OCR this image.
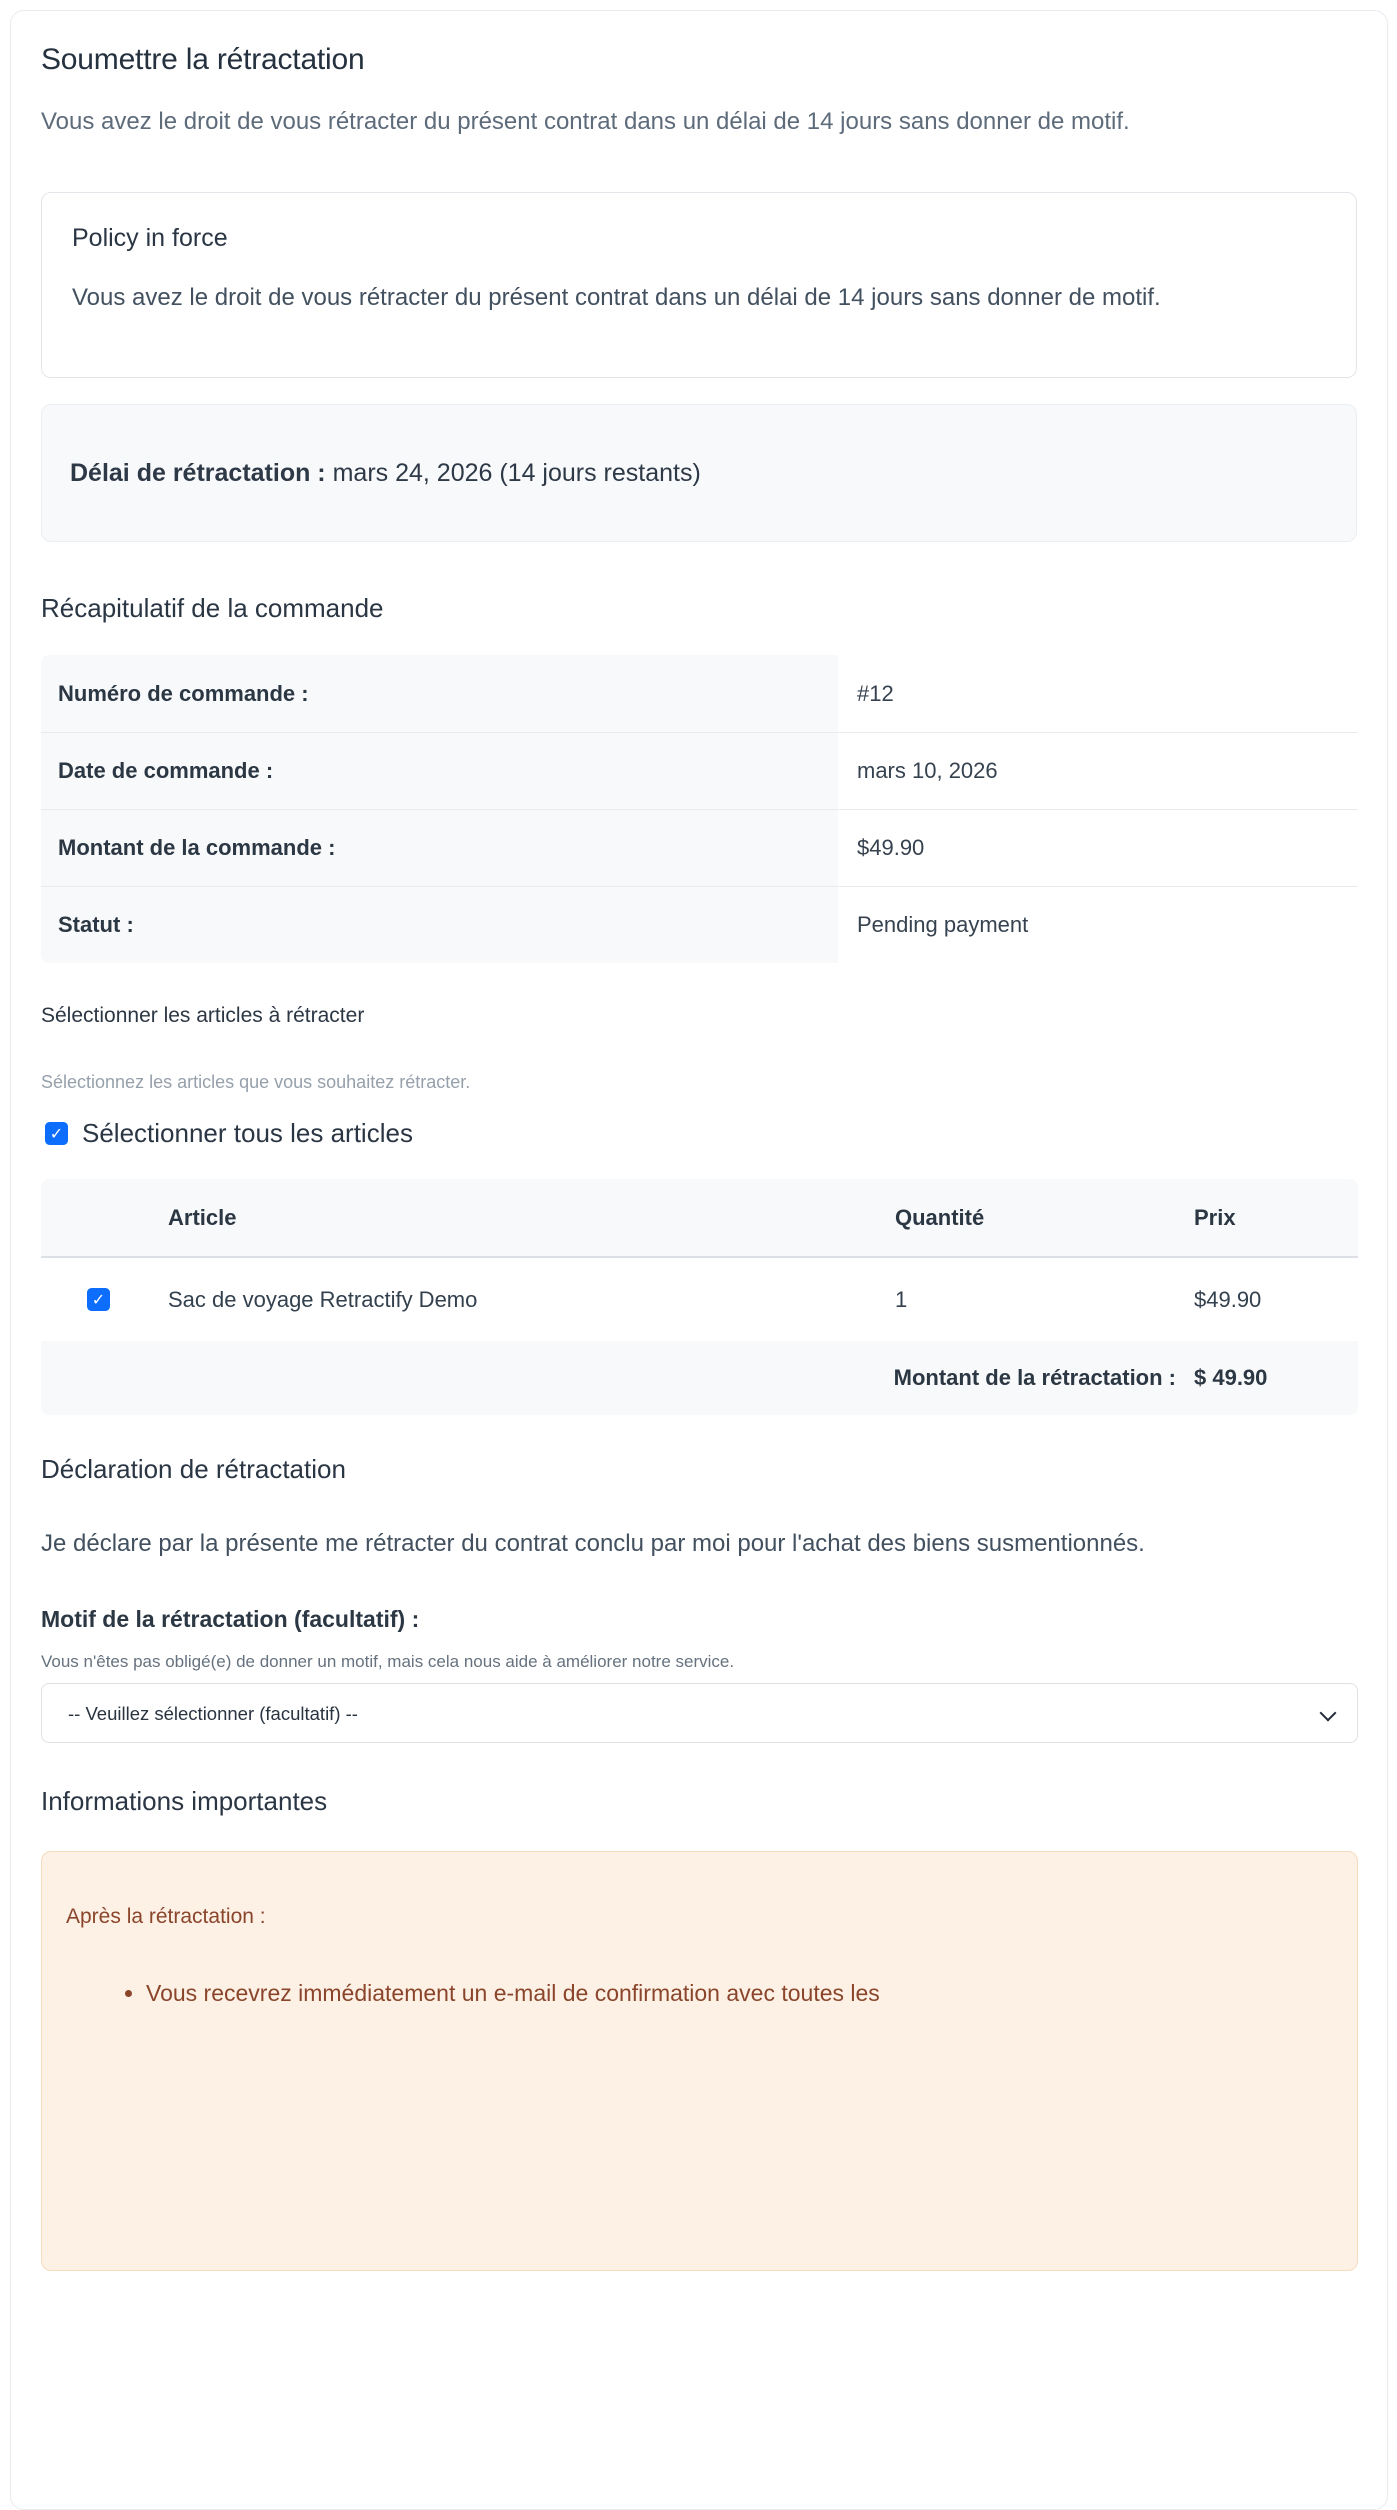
Soumettre la rétractation

Vous avez le droit de vous rétracter du présent contrat dans un délai de 14 jours sans donner de motif.

Policy in force

Vous avez le droit de vous rétracter du présent contrat dans un délai de 14 jours sans donner de motif.

Délai de rétractation : mars 24, 2026 (14 jours restants)
Récapitulatif de la commande
Numéro de commande :	#12
Date de commande :	mars 10, 2026
Montant de la commande :	$49.90
Statut :	Pending payment
Sélectionner les articles à rétracter

Sélectionnez les articles que vous souhaitez rétracter.

✓ Sélectionner tous les articles
Article	Quantité	Prix
✓	Sac de voyage Retractify Demo	1	$49.90
Montant de la rétractation : $ 49.90
Déclaration de rétractation

Je déclare par la présente me rétracter du contrat conclu par moi pour l'achat des biens susmentionnés.

Motif de la rétractation (facultatif) :

Vous n'êtes pas obligé(e) de donner un motif, mais cela nous aide à améliorer notre service.

-- Veuillez sélectionner (facultatif) --
Informations importantes
Après la rétractation :
• Vous recevrez immédiatement un e-mail de confirmation avec toutes les
